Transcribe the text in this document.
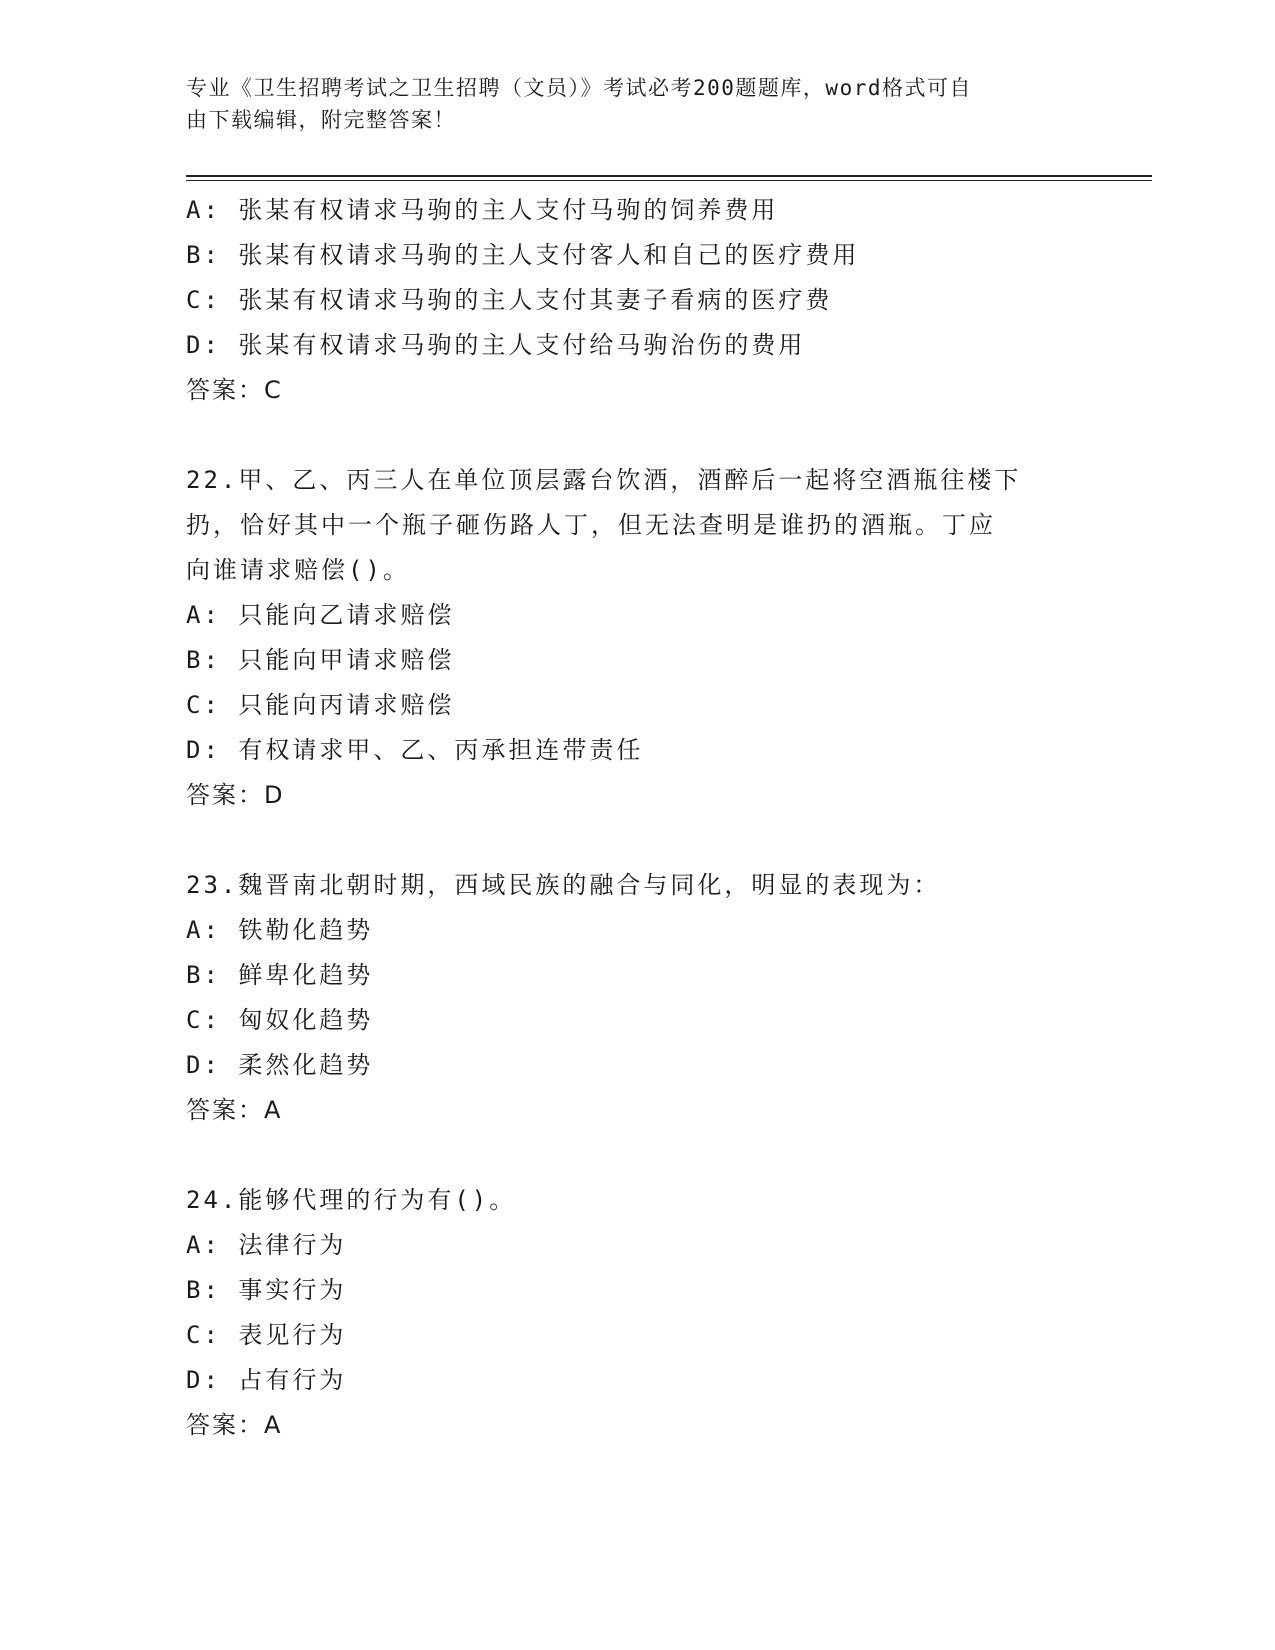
专业《卫生招聘考试之卫生招聘（文员）》考试必考200题题库，word格式可自
由下载编辑，附完整答案！
A: 张某有权请求马驹的主人支付马驹的饲养费用
B: 张某有权请求马驹的主人支付客人和自己的医疗费用
C: 张某有权请求马驹的主人支付其妻子看病的医疗费
D: 张某有权请求马驹的主人支付给马驹治伤的费用
答案：C
22.甲、乙、丙三人在单位顶层露台饮酒，酒醉后一起将空酒瓶往楼下
扔，恰好其中一个瓶子砸伤路人丁，但无法查明是谁扔的酒瓶。丁应
向谁请求赔偿()。
A: 只能向乙请求赔偿
B: 只能向甲请求赔偿
C: 只能向丙请求赔偿
D: 有权请求甲、乙、丙承担连带责任
答案：D
23.魏晋南北朝时期，西域民族的融合与同化，明显的表现为：
A: 铁勒化趋势
B: 鲜卑化趋势
C: 匈奴化趋势
D: 柔然化趋势
答案：A
24.能够代理的行为有()。
A: 法律行为
B: 事实行为
C: 表见行为
D: 占有行为
答案：A
